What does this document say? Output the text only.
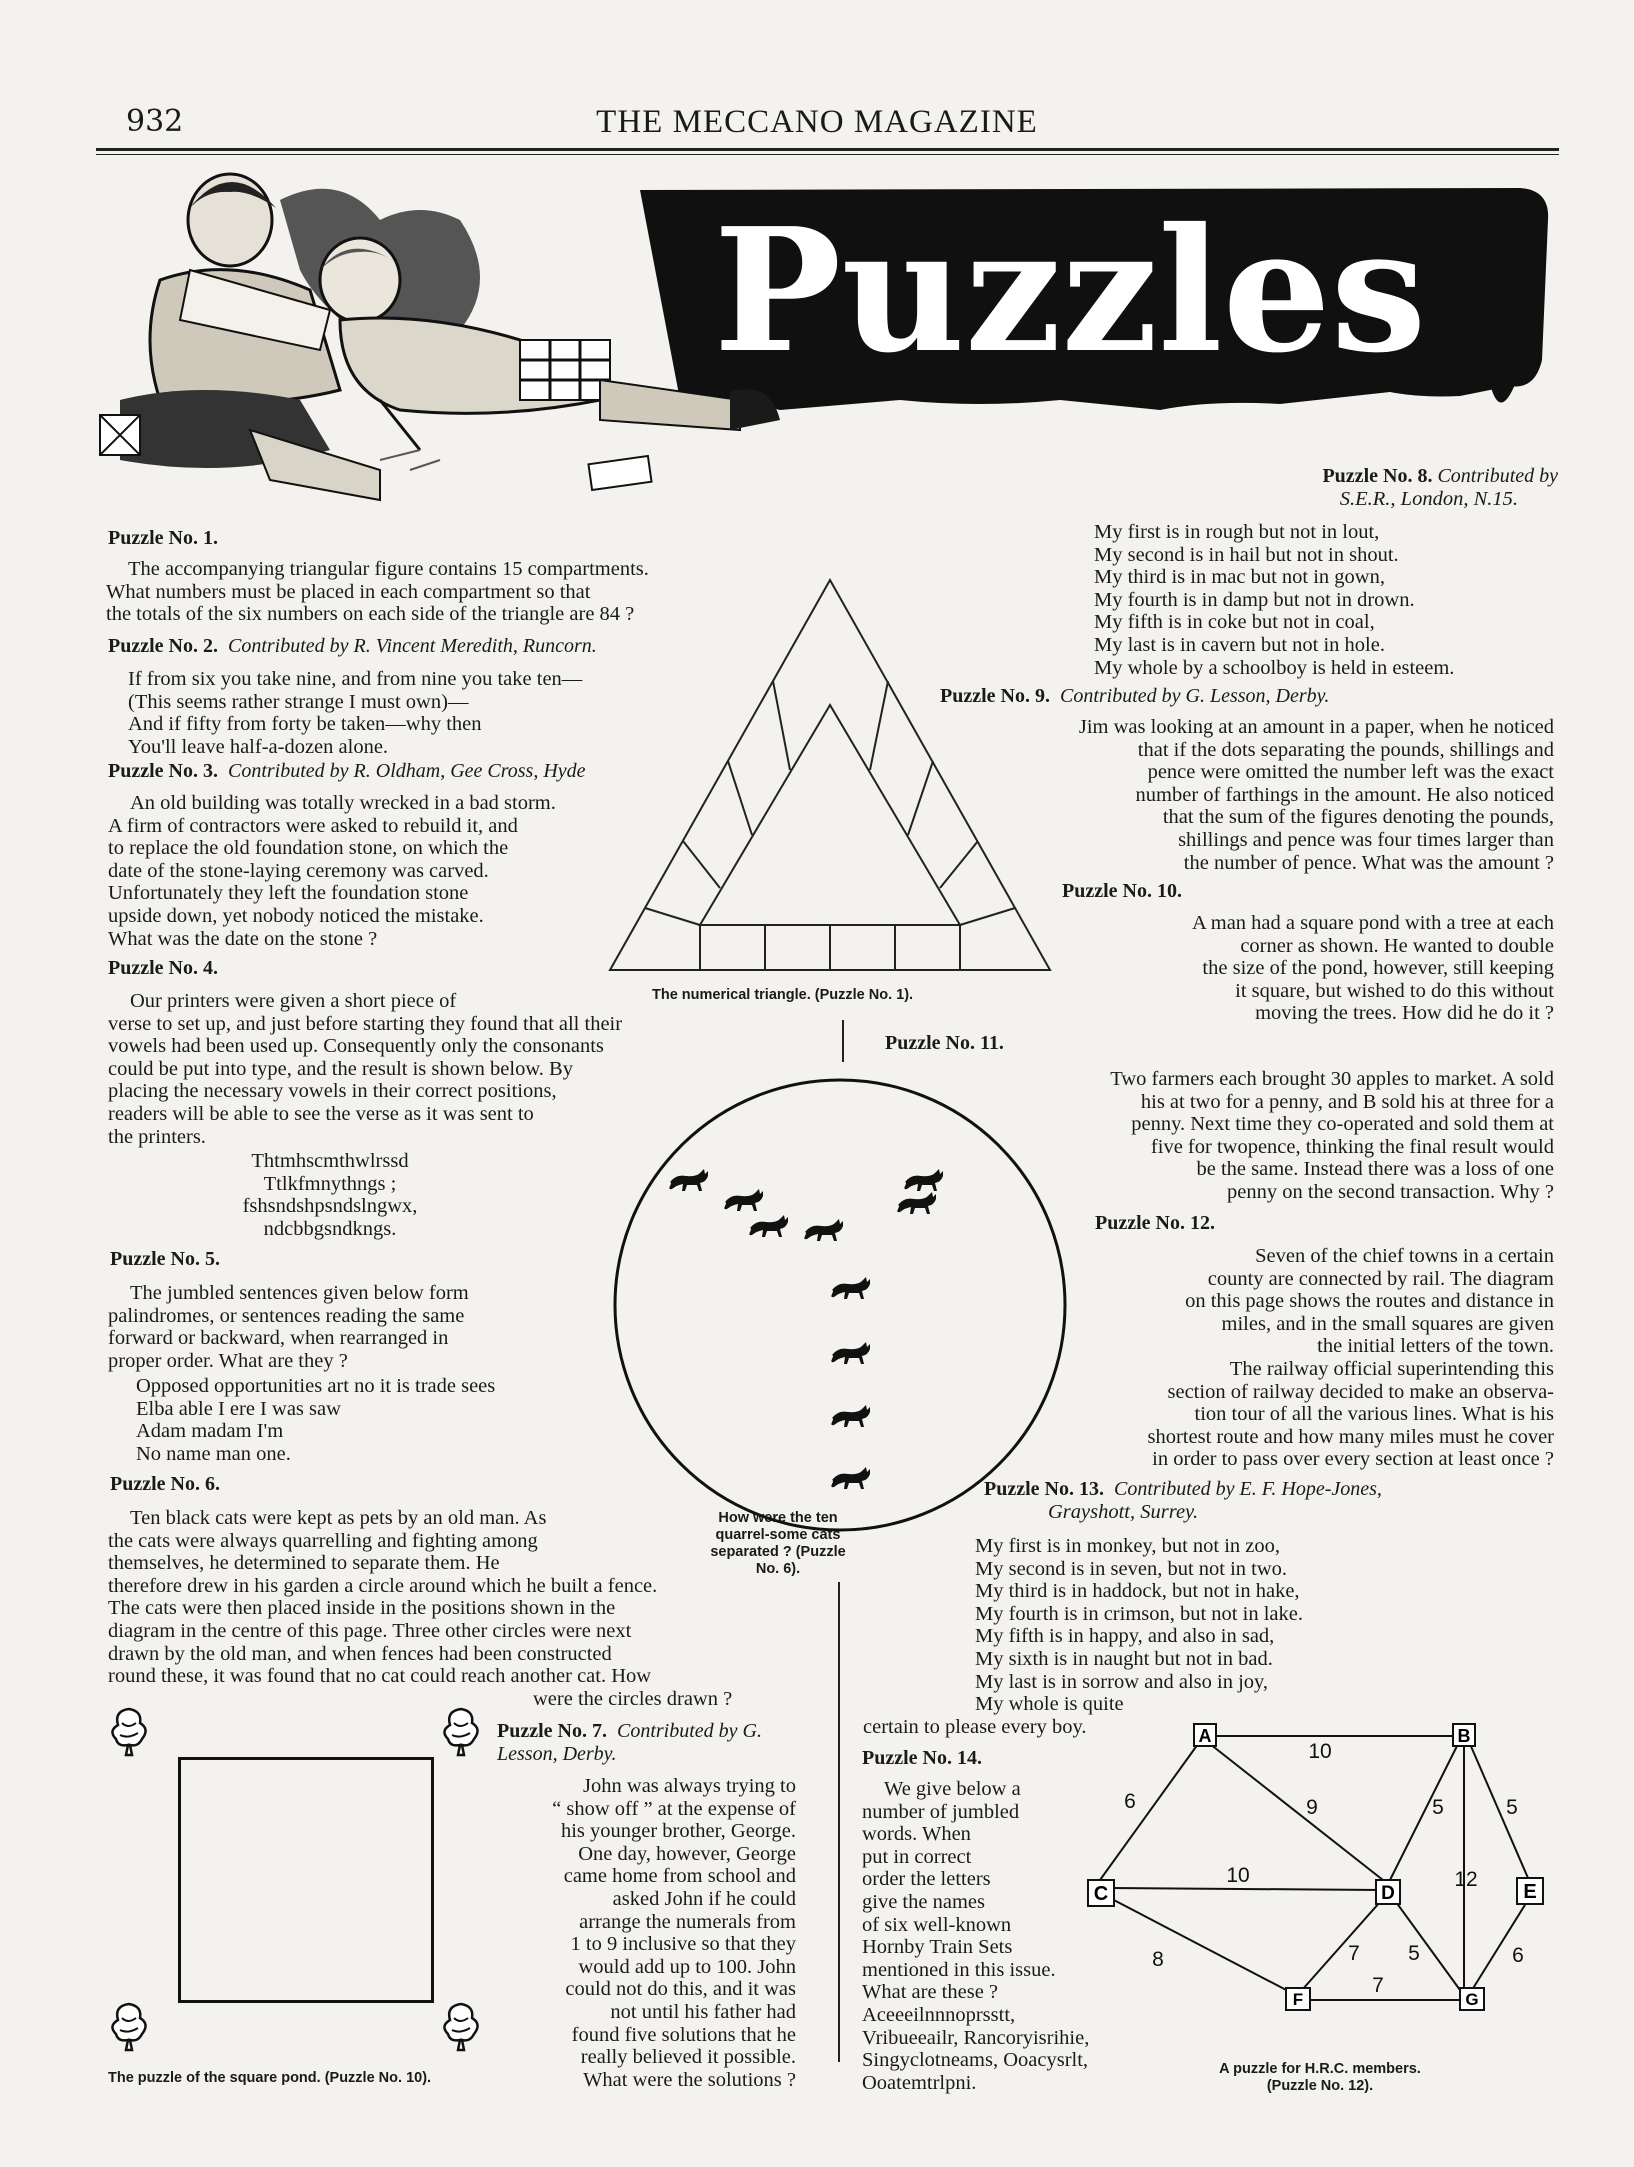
932	THE MECCANO MAGAZINE
Puzzles
Puzzle No. 8. Contributed by
S.E.R., London, N.15.
My first is in rough but not in lout,
My second is in hail but not in shout.
My third is in mac but not in gown,
My fourth is in damp but not in drown.
My fifth is in coke but not in coal,
My last is in cavern but not in hole.
My whole by a schoolboy is held in esteem.
Puzzle No. 1.
The accompanying triangular figure contains 15 compartments.
What numbers must be placed in each compartment so that
the totals of the six numbers on each side of the triangle are 84 ?
Puzzle No. 2. Contributed by R. Vincent Meredith, Runcorn.
If from six you take nine, and from nine you take ten—
(This seems rather strange I must own)—
And if fifty from forty be taken—why then
You'll leave half-a-dozen alone.
Puzzle No. 3. Contributed by R. Oldham, Gee Cross, Hyde
An old building was totally wrecked in a bad storm.
A firm of contractors were asked to rebuild it, and
to replace the old foundation stone, on which the
date of the stone-laying ceremony was carved.
Unfortunately they left the foundation stone
upside down, yet nobody noticed the mistake.
What was the date on the stone ?
The numerical triangle. (Puzzle No. 1).
Puzzle No. 9. Contributed by G. Lesson, Derby.
Jim was looking at an amount in a paper, when he noticed
that if the dots separating the pounds, shillings and
pence were omitted the number left was the exact
number of farthings in the amount. He also noticed
that the sum of the figures denoting the pounds,
shillings and pence was four times larger than
the number of pence. What was the amount ?
Puzzle No. 10.
A man had a square pond with a tree at each
corner as shown. He wanted to double
the size of the pond, however, still keeping
it square, but wished to do this without
moving the trees. How did he do it ?
Puzzle No. 4.
Our printers were given a short piece of
verse to set up, and just before starting they found that all their
vowels had been used up. Consequently only the consonants
could be put into type, and the result is shown below. By
placing the necessary vowels in their correct positions,
readers will be able to see the verse as it was sent to
the printers.
Thtmhscmthwlrssd
Ttlkfmnythngs ;
fshsndshpsndslngwx,
ndcbbgsndkngs.
Puzzle No. 11.
Two farmers each brought 30 apples to market. A sold
his at two for a penny, and B sold his at three for a
penny. Next time they co-operated and sold them at
five for twopence, thinking the final result would
be the same. Instead there was a loss of one
penny on the second transaction. Why ?
How were the ten quarrel-some cats separated ? (Puzzle No. 6).
Puzzle No. 12.
Seven of the chief towns in a certain
county are connected by rail. The diagram
on this page shows the routes and distance in
miles, and in the small squares are given
the initial letters of the town.
The railway official superintending this
section of railway decided to make an observa-
tion tour of all the various lines. What is his
shortest route and how many miles must he cover
in order to pass over every section at least once ?
Puzzle No. 5.
The jumbled sentences given below form
palindromes, or sentences reading the same
forward or backward, when rearranged in
proper order. What are they ?
Opposed opportunities art no it is trade sees
Elba able I ere I was saw
Adam madam I'm
No name man one.
Puzzle No. 6.
Ten black cats were kept as pets by an old man. As
the cats were always quarrelling and fighting among
themselves, he determined to separate them. He
therefore drew in his garden a circle around which he built a fence.
The cats were then placed inside in the positions shown in the
diagram in the centre of this page. Three other circles were next
drawn by the old man, and when fences had been constructed
round these, it was found that no cat could reach another cat. How
were the circles drawn ?
Puzzle No. 13. Contributed by E. F. Hope-Jones,
Grayshott, Surrey.
My first is in monkey, but not in zoo,
My second is in seven, but not in two.
My third is in haddock, but not in hake,
My fourth is in crimson, but not in lake.
My fifth is in happy, and also in sad,
My sixth is in naught but not in bad.
My last is in sorrow and also in joy,
My whole is quite
certain to please every boy.
The puzzle of the square pond. (Puzzle No. 10).
Puzzle No. 7. Contributed by G. Lesson, Derby.
John was always trying to
“ show off ” at the expense of
his younger brother, George.
One day, however, George
came home from school and
asked John if he could
arrange the numerals from
1 to 9 inclusive so that they
would add up to 100. John
could not do this, and it was
not until his father had
found five solutions that he
really believed it possible.
What were the solutions ?
Puzzle No. 14.
We give below a
number of jumbled
words. When
put in correct
order the letters
give the names
of six well-known
Hornby Train Sets
mentioned in this issue.
What are these ?
Aceeeilnnnoprsstt,
Vribueeailr, Rancoryisrihie,
Singyclotneams, Ooacysrlt,
Ooatemtrlpni.
A	B
C	D	E
F	G
10
6	9	5	5
10	12
8	7 5	6
7
A puzzle for H.R.C. members.
(Puzzle No. 12).
